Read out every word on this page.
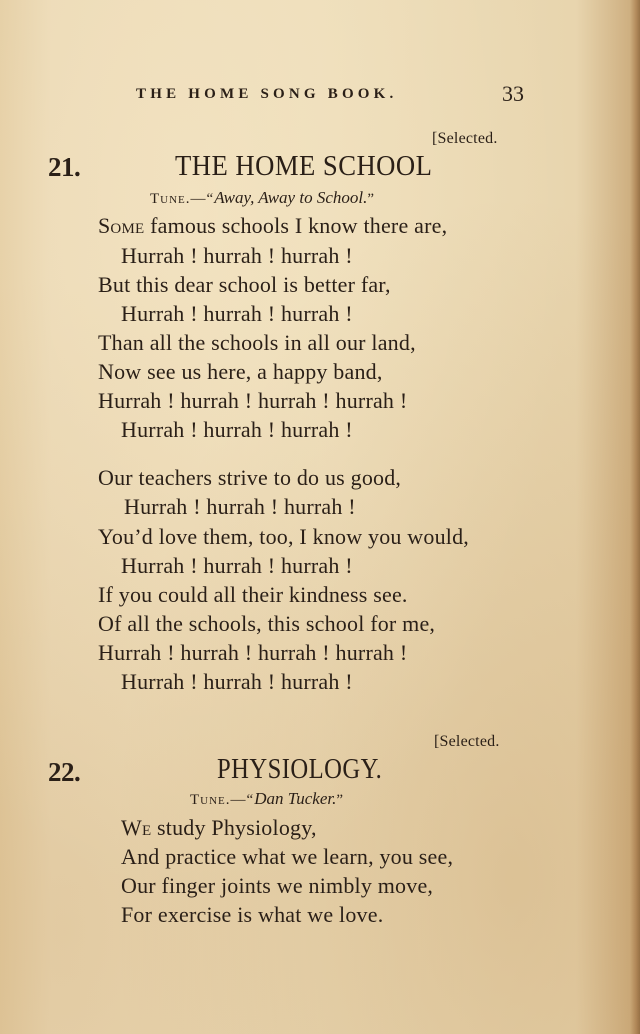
THE HOME SONG BOOK.	33
[Selected.
21.	THE HOME SCHOOL
Tune.—“Away, Away to School.”
Some famous schools I know there are,
Hurrah ! hurrah ! hurrah !
But this dear school is better far,
Hurrah ! hurrah ! hurrah !
Than all the schools in all our land,
Now see us here, a happy band,
Hurrah ! hurrah ! hurrah ! hurrah !
Hurrah ! hurrah ! hurrah !
Our teachers strive to do us good,
Hurrah ! hurrah ! hurrah !
You’d love them, too, I know you would,
Hurrah ! hurrah ! hurrah !
If you could all their kindness see.
Of all the schools, this school for me,
Hurrah ! hurrah ! hurrah ! hurrah !
Hurrah ! hurrah ! hurrah !
[Selected.
22.	PHYSIOLOGY.
Tune.—“Dan Tucker.”
We study Physiology,
And practice what we learn, you see,
Our finger joints we nimbly move,
For exercise is what we love.
